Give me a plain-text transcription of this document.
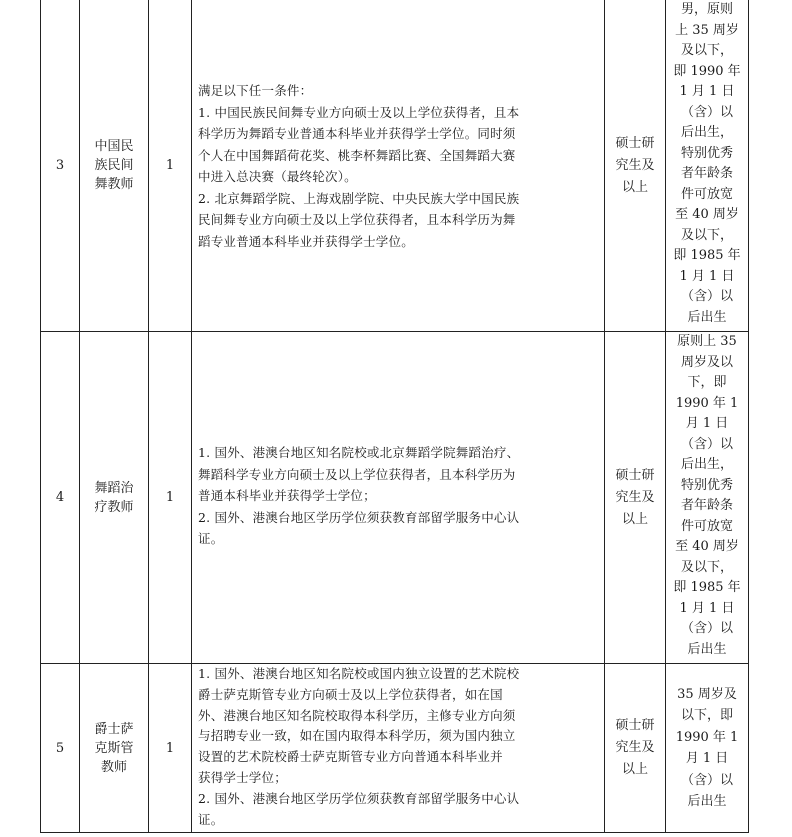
3
中国民
族民间
舞教师
1
满足以下任一条件：
1. 中国民族民间舞专业方向硕士及以上学位获得者，且本
科学历为舞蹈专业普通本科毕业并获得学士学位。同时须
个人在中国舞蹈荷花奖、桃李杯舞蹈比赛、全国舞蹈大赛
中进入总决赛（最终轮次）。
2. 北京舞蹈学院、上海戏剧学院、中央民族大学中国民族
民间舞专业方向硕士及以上学位获得者，且本科学历为舞
蹈专业普通本科毕业并获得学士学位。
硕士研
究生及
以上
男，原则
上 35 周岁
及以下，
即 1990 年
1 月 1 日
（含）以
后出生，
特别优秀
者年龄条
件可放宽
至 40 周岁
及以下，
即 1985 年
1 月 1 日
（含）以
后出生
4
舞蹈治
疗教师
1
1. 国外、港澳台地区知名院校或北京舞蹈学院舞蹈治疗、
舞蹈科学专业方向硕士及以上学位获得者，且本科学历为
普通本科毕业并获得学士学位；
2. 国外、港澳台地区学历学位须获教育部留学服务中心认
证。
硕士研
究生及
以上
原则上 35
周岁及以
下，即
1990 年 1
月 1 日
（含）以
后出生，
特别优秀
者年龄条
件可放宽
至 40 周岁
及以下，
即 1985 年
1 月 1 日
（含）以
后出生
5
爵士萨
克斯管
教师
1
1. 国外、港澳台地区知名院校或国内独立设置的艺术院校
爵士萨克斯管专业方向硕士及以上学位获得者，如在国
外、港澳台地区知名院校取得本科学历，主修专业方向须
与招聘专业一致，如在国内取得本科学历，须为国内独立
设置的艺术院校爵士萨克斯管专业方向普通本科毕业并
获得学士学位；
2. 国外、港澳台地区学历学位须获教育部留学服务中心认
证。
硕士研
究生及
以上
35 周岁及
以下，即
1990 年 1
月 1 日
（含）以
后出生
